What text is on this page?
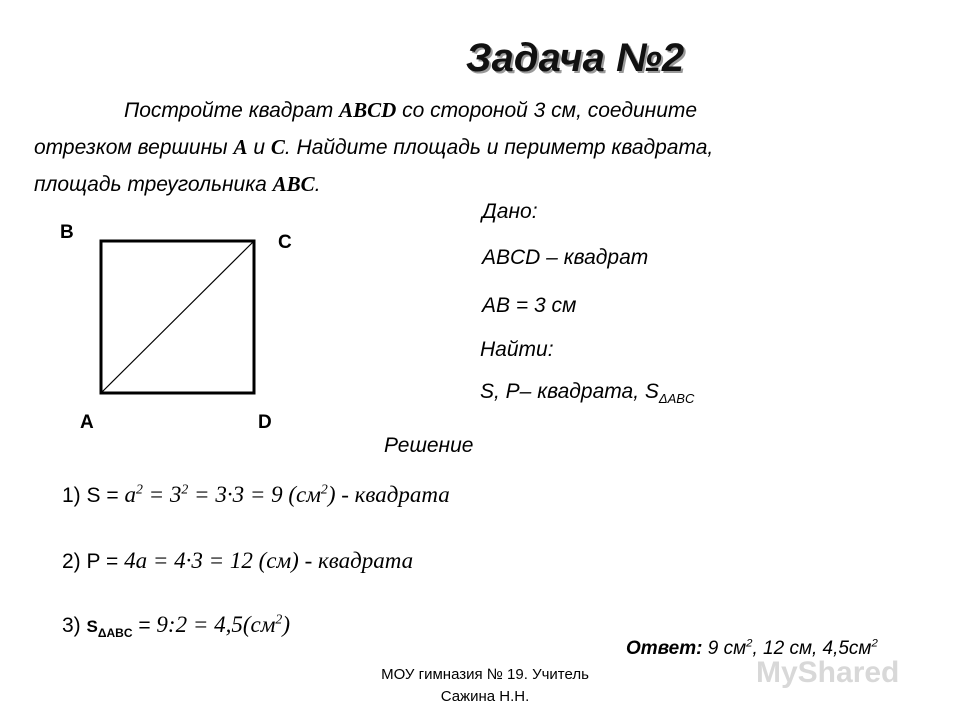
Задача №2
Постройте квадрат ABCD со стороной 3 см, соедините
отрезком вершины A и C. Найдите площадь и периметр квадрата,
площадь треугольника ABC.
B	C
A	D
Дано:
ABCD – квадрат
AB = 3 см
Найти:
S, P– квадрата, $S_{\Delta ABC}$
Решение
1) $S = a^2 = 3^2 = 3\cdot 3 = 9$ $(см^2)$ - квадрата
2) P = 4a = 4·3 = 12 (см) - квадрата
3) $S_{\Delta ABC}$ = 9:2 = $4,5(см^2)$
MyShared
Ответ: 9 $см^2$, 12 см, $4,5см^2$
МОУ гимназия № 19. Учитель
Сажина Н.Н.
